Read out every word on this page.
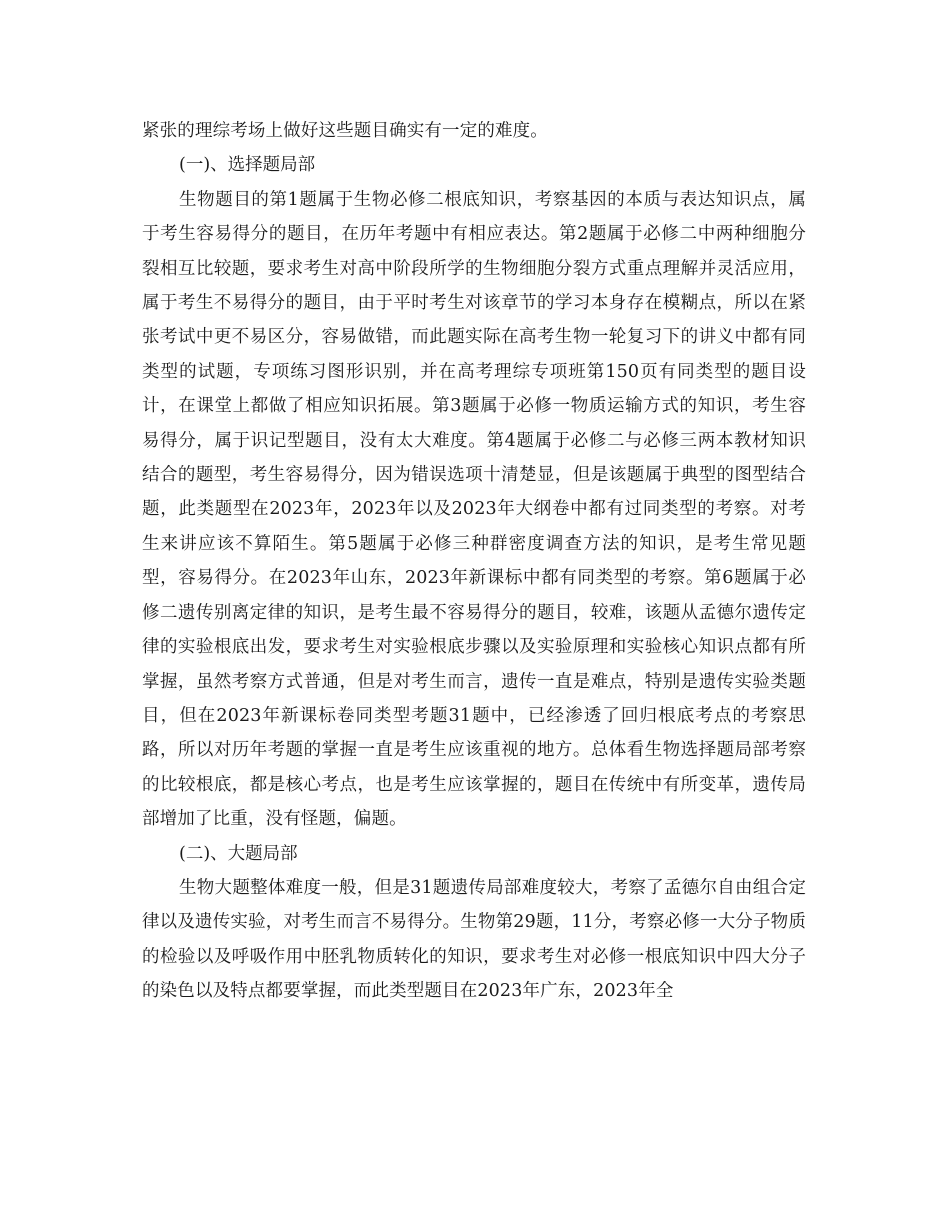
紧张的理综考场上做好这些题目确实有一定的难度。

(一)、选择题局部

生物题目的第1题属于生物必修二根底知识，考察基因的本质与表达知识点，属于考生容易得分的题目，在历年考题中有相应表达。第2题属于必修二中两种细胞分裂相互比较题，要求考生对高中阶段所学的生物细胞分裂方式重点理解并灵活应用，属于考生不易得分的题目，由于平时考生对该章节的学习本身存在模糊点，所以在紧张考试中更不易区分，容易做错，而此题实际在高考生物一轮复习下的讲义中都有同类型的试题，专项练习图形识别，并在高考理综专项班第150页有同类型的题目设计，在课堂上都做了相应知识拓展。第3题属于必修一物质运输方式的知识，考生容易得分，属于识记型题目，没有太大难度。第4题属于必修二与必修三两本教材知识结合的题型，考生容易得分，因为错误选项十清楚显，但是该题属于典型的图型结合题，此类题型在2023年，2023年以及2023年大纲卷中都有过同类型的考察。对考生来讲应该不算陌生。第5题属于必修三种群密度调查方法的知识，是考生常见题型，容易得分。在2023年山东，2023年新课标中都有同类型的考察。第6题属于必修二遗传别离定律的知识，是考生最不容易得分的题目，较难，该题从孟德尔遗传定律的实验根底出发，要求考生对实验根底步骤以及实验原理和实验核心知识点都有所掌握，虽然考察方式普通，但是对考生而言，遗传一直是难点，特别是遗传实验类题目，但在2023年新课标卷同类型考题31题中，已经渗透了回归根底考点的考察思路，所以对历年考题的掌握一直是考生应该重视的地方。总体看生物选择题局部考察的比较根底，都是核心考点，也是考生应该掌握的，题目在传统中有所变革，遗传局部增加了比重，没有怪题，偏题。

(二)、大题局部

生物大题整体难度一般，但是31题遗传局部难度较大，考察了孟德尔自由组合定律以及遗传实验，对考生而言不易得分。生物第29题，11分，考察必修一大分子物质的检验以及呼吸作用中胚乳物质转化的知识，要求考生对必修一根底知识中四大分子的染色以及特点都要掌握，而此类型题目在2023年广东，2023年全
